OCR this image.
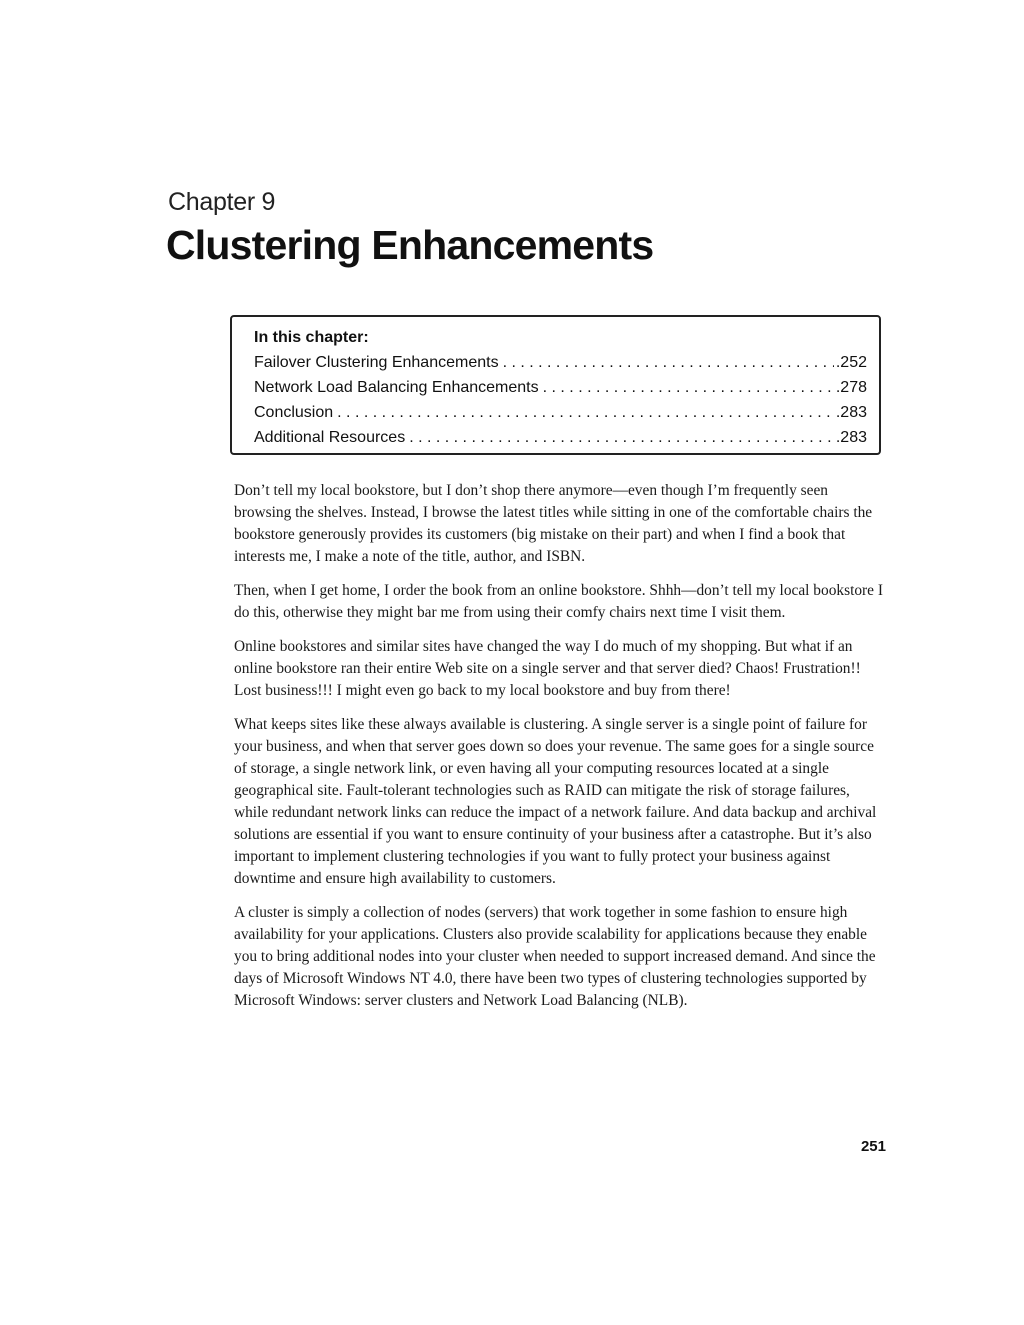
Chapter 9
Clustering Enhancements
In this chapter:
Failover Clustering Enhancements . . .	.252
Network Load Balancing Enhancements . . .	.278
Conclusion . . .	.283
Additional Resources . . .	.283

Don’t tell my local bookstore, but I don’t shop there anymore—even though I’m frequently seen browsing the shelves. Instead, I browse the latest titles while sitting in one of the comfortable chairs the bookstore generously provides its customers (big mistake on their part) and when I find a book that interests me, I make a note of the title, author, and ISBN.

Then, when I get home, I order the book from an online bookstore. Shhh—don’t tell my local bookstore I do this, otherwise they might bar me from using their comfy chairs next time I visit them.

Online bookstores and similar sites have changed the way I do much of my shopping. But what if an online bookstore ran their entire Web site on a single server and that server died? Chaos! Frustration!! Lost business!!! I might even go back to my local bookstore and buy from there!

What keeps sites like these always available is clustering. A single server is a single point of failure for your business, and when that server goes down so does your revenue. The same goes for a single source of storage, a single network link, or even having all your computing resources located at a single geographical site. Fault-tolerant technologies such as RAID can mitigate the risk of storage failures, while redundant network links can reduce the impact of a network failure. And data backup and archival solutions are essential if you want to ensure continuity of your business after a catastrophe. But it’s also important to implement clustering technologies if you want to fully protect your business against downtime and ensure high availability to customers.

A cluster is simply a collection of nodes (servers) that work together in some fashion to ensure high availability for your applications. Clusters also provide scalability for applications because they enable you to bring additional nodes into your cluster when needed to support increased demand. And since the days of Microsoft Windows NT 4.0, there have been two types of clustering technologies supported by Microsoft Windows: server clusters and Network Load Balancing (NLB).

251
